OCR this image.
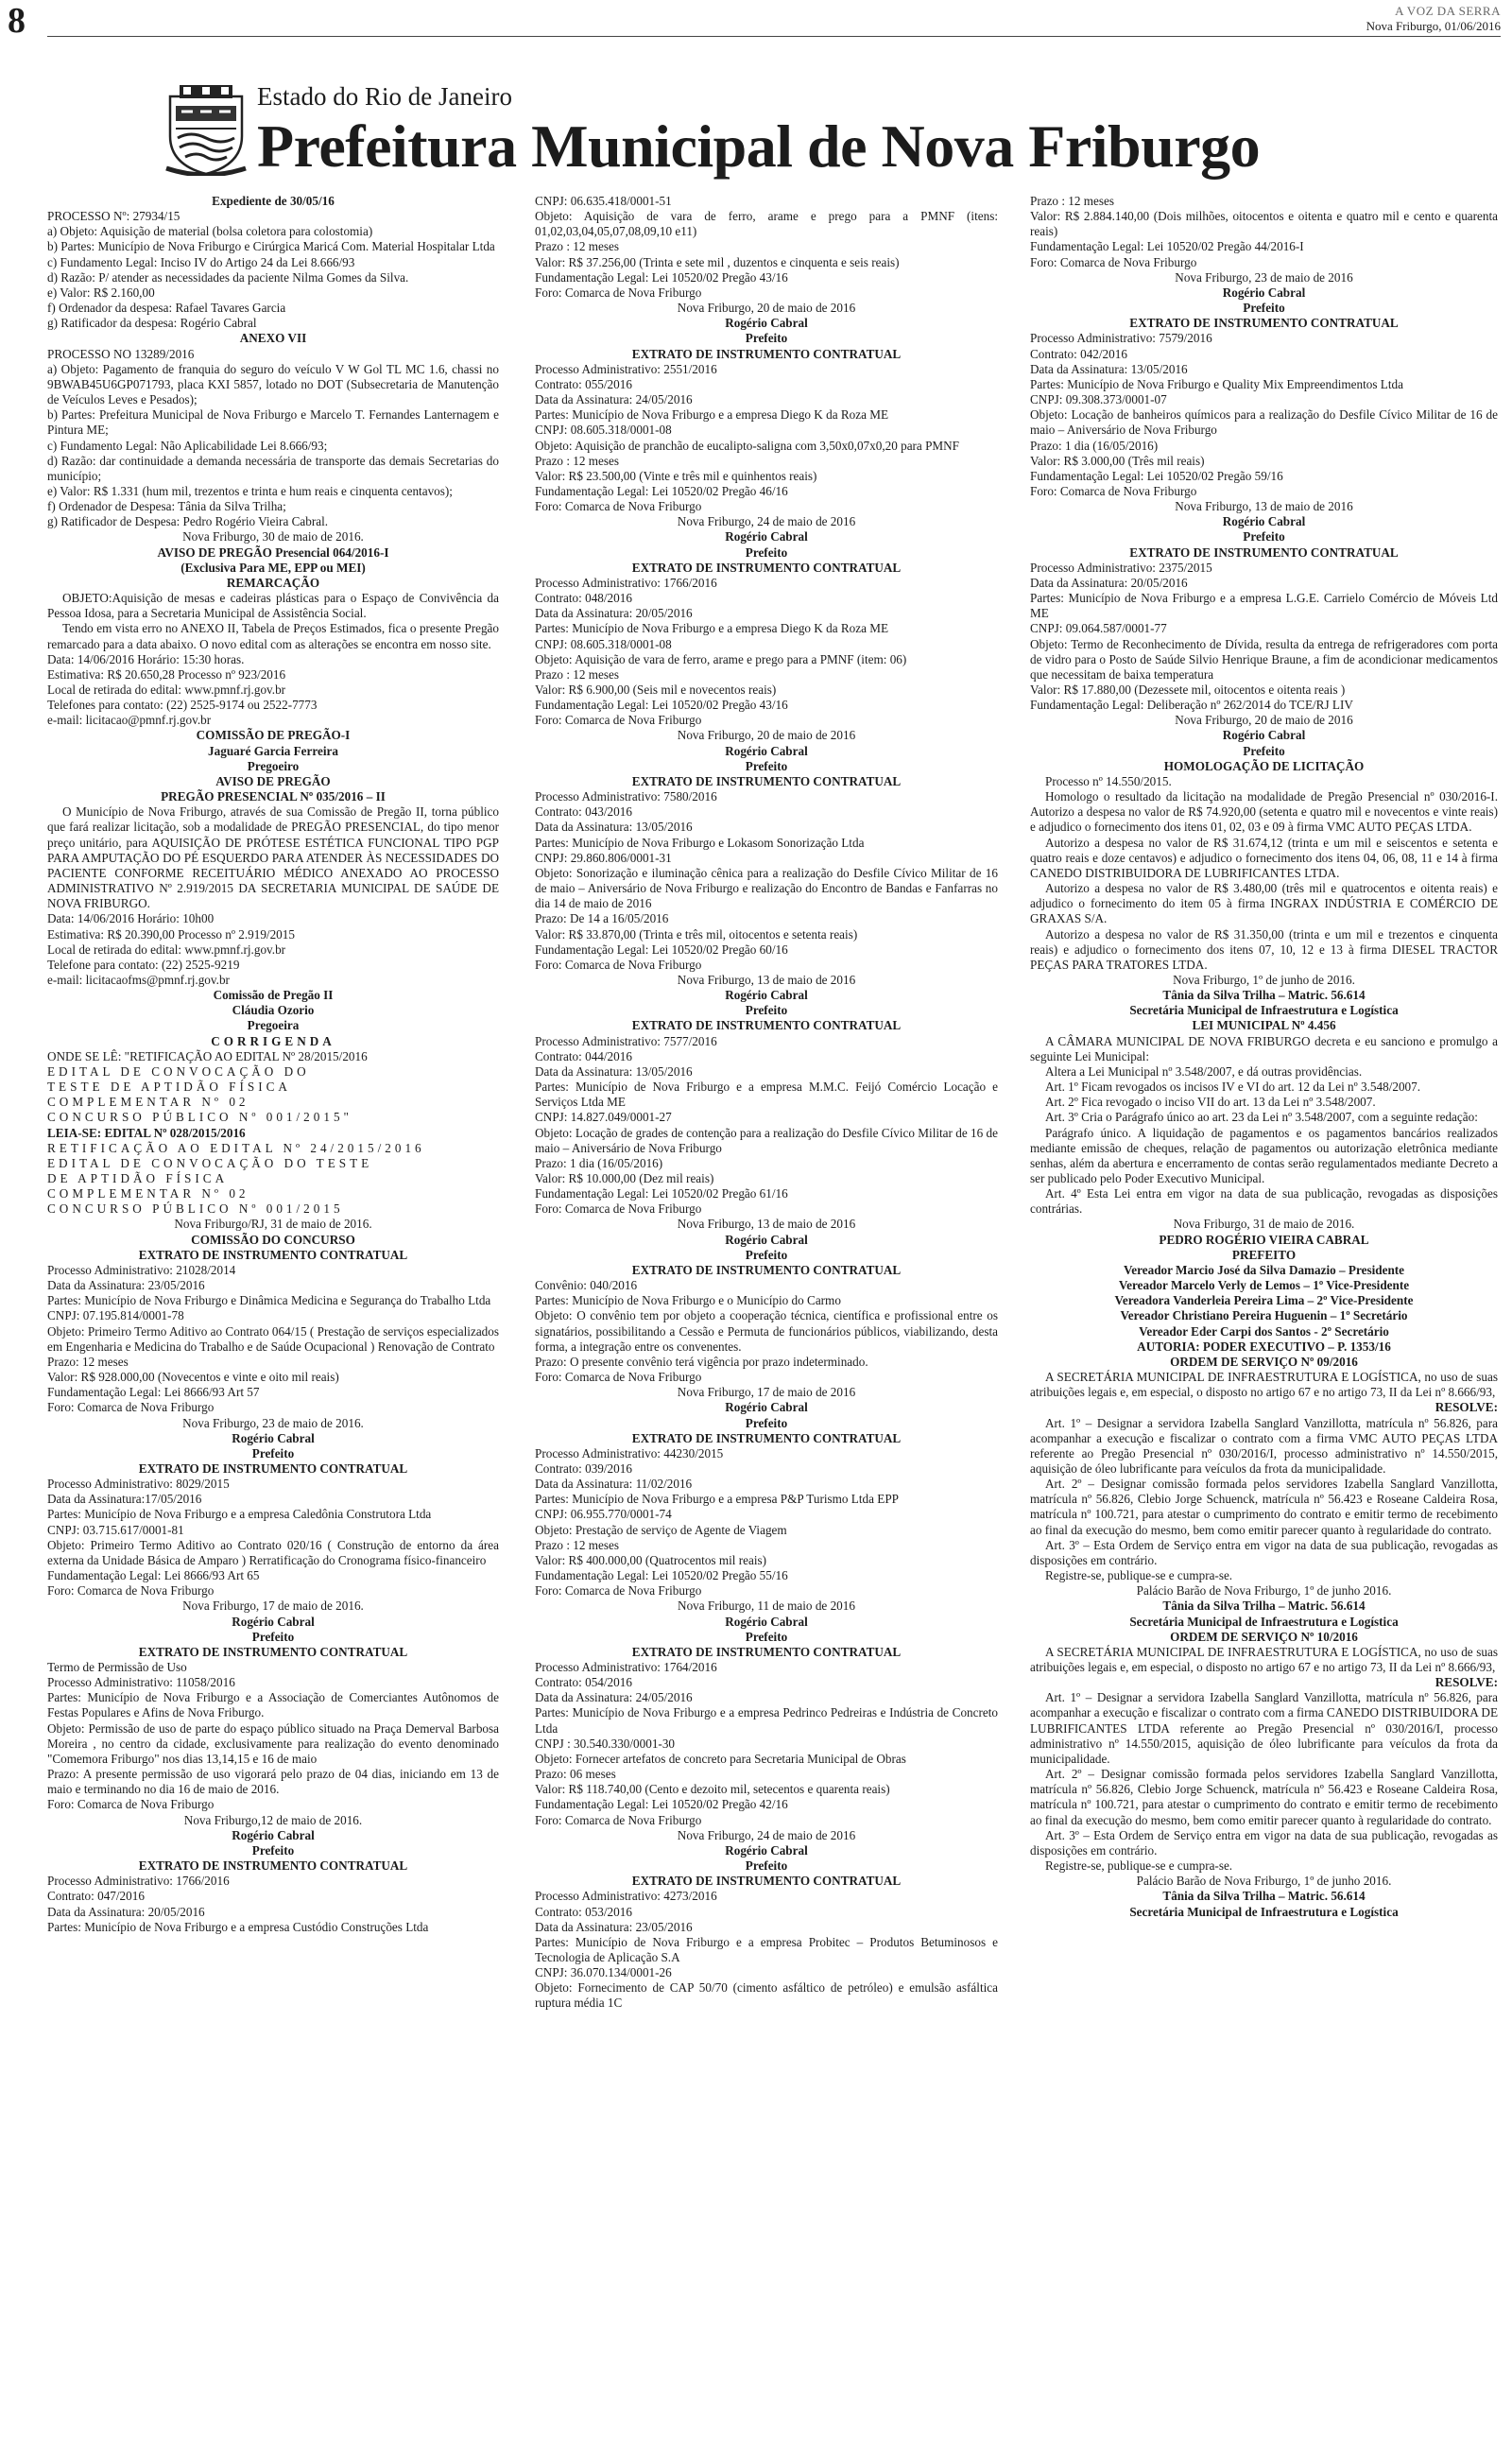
8	A VOZ DA SERRA
Nova Friburgo, 01/06/2016
Estado do Rio de Janeiro
Prefeitura Municipal de Nova Friburgo

Expediente de 30/05/16

PROCESSO Nº: 27934/15

a) Objeto: Aquisição de material (bolsa coletora para colostomia)

b) Partes: Município de Nova Friburgo e Cirúrgica Maricá Com. Material Hospitalar Ltda

c) Fundamento Legal: Inciso IV do Artigo 24 da Lei 8.666/93

d) Razão: P/ atender as necessidades da paciente Nilma Gomes da Silva.

e) Valor: R$ 2.160,00

f) Ordenador da despesa: Rafael Tavares Garcia

g) Ratificador da despesa: Rogério Cabral

ANEXO VII

PROCESSO NO 13289/2016

a) Objeto: Pagamento de franquia do seguro do veículo V W Gol TL MC 1.6, chassi no 9BWAB45U6GP071793, placa KXI 5857, lotado no DOT (Subsecretaria de Manutenção de Veículos Leves e Pesados);

b) Partes: Prefeitura Municipal de Nova Friburgo e Marcelo T. Fernandes Lanternagem e Pintura ME;

c) Fundamento Legal: Não Aplicabilidade Lei 8.666/93;

d) Razão: dar continuidade a demanda necessária de transporte das demais Secretarias do município;

e) Valor: R$ 1.331 (hum mil, trezentos e trinta e hum reais e cinquenta centavos);

f) Ordenador de Despesa: Tânia da Silva Trilha;

g) Ratificador de Despesa: Pedro Rogério Vieira Cabral.

Nova Friburgo, 30 de maio de 2016.

AVISO DE PREGÃO Presencial 064/2016-I

(Exclusiva Para ME, EPP ou MEI)

REMARCAÇÃO

OBJETO:Aquisição de mesas e cadeiras plásticas para o Espaço de Convivência da Pessoa Idosa, para a Secretaria Municipal de Assistência Social.

Tendo em vista erro no ANEXO II, Tabela de Preços Estimados, fica o presente Pregão remarcado para a data abaixo. O novo edital com as alterações se encontra em nosso site.

Data: 14/06/2016 Horário: 15:30 horas.

Estimativa: R$ 20.650,28 Processo nº 923/2016

Local de retirada do edital: www.pmnf.rj.gov.br

Telefones para contato: (22) 2525-9174 ou 2522-7773

e-mail: licitacao@pmnf.rj.gov.br

COMISSÃO DE PREGÃO-I

Jaguaré Garcia Ferreira

Pregoeiro

AVISO DE PREGÃO

PREGÃO PRESENCIAL Nº 035/2016 – II

O Município de Nova Friburgo, através de sua Comissão de Pregão II, torna público que fará realizar licitação, sob a modalidade de PREGÃO PRESENCIAL, do tipo menor preço unitário, para AQUISIÇÃO DE PRÓTESE ESTÉTICA FUNCIONAL TIPO PGP PARA AMPUTAÇÃO DO PÉ ESQUERDO PARA ATENDER ÀS NECESSIDADES DO PACIENTE CONFORME RECEITUÁRIO MÉDICO ANEXADO AO PROCESSO ADMINISTRATIVO Nº 2.919/2015 DA SECRETARIA MUNICIPAL DE SAÚDE DE NOVA FRIBURGO.

Data: 14/06/2016 Horário: 10h00

Estimativa: R$ 20.390,00 Processo nº 2.919/2015

Local de retirada do edital: www.pmnf.rj.gov.br

Telefone para contato: (22) 2525-9219

e-mail: licitacaofms@pmnf.rj.gov.br

Comissão de Pregão II

Cláudia Ozorio

Pregoeira

CORRIGENDA

ONDE SE LÊ: "RETIFICAÇÃO AO EDITAL Nº 28/2015/2016

EDITAL DE CONVOCAÇÃO DO

TESTE DE APTIDÃO FÍSICA

COMPLEMENTAR Nº 02

CONCURSO PÚBLICO Nº 001/2015"

LEIA-SE: EDITAL Nº 028/2015/2016

RETIFICAÇÃO AO EDITAL Nº 24/2015/2016

EDITAL DE CONVOCAÇÃO DO TESTE

DE APTIDÃO FÍSICA

COMPLEMENTAR Nº 02

CONCURSO PÚBLICO Nº 001/2015

Nova Friburgo/RJ, 31 de maio de 2016.

COMISSÃO DO CONCURSO

EXTRATO DE INSTRUMENTO CONTRATUAL

Processo Administrativo: 21028/2014

Data da Assinatura: 23/05/2016

Partes: Município de Nova Friburgo e Dinâmica Medicina e Segurança do Trabalho Ltda

CNPJ: 07.195.814/0001-78

Objeto: Primeiro Termo Aditivo ao Contrato 064/15 ( Prestação de serviços especializados em Engenharia e Medicina do Trabalho e de Saúde Ocupacional ) Renovação de Contrato

Prazo: 12 meses

Valor: R$ 928.000,00 (Novecentos e vinte e oito mil reais)

Fundamentação Legal: Lei 8666/93 Art 57

Foro: Comarca de Nova Friburgo

Nova Friburgo, 23 de maio de 2016.

Rogério Cabral

Prefeito

EXTRATO DE INSTRUMENTO CONTRATUAL

Processo Administrativo: 8029/2015

Data da Assinatura:17/05/2016

Partes: Município de Nova Friburgo e a empresa Caledônia Construtora Ltda

CNPJ: 03.715.617/0001-81

Objeto: Primeiro Termo Aditivo ao Contrato 020/16 ( Construção de entorno da área externa da Unidade Básica de Amparo ) Rerratificação do Cronograma físico-financeiro

Fundamentação Legal: Lei 8666/93 Art 65

Foro: Comarca de Nova Friburgo

Nova Friburgo, 17 de maio de 2016.

Rogério Cabral

Prefeito

EXTRATO DE INSTRUMENTO CONTRATUAL

Termo de Permissão de Uso

Processo Administrativo: 11058/2016

Partes: Município de Nova Friburgo e a Associação de Comerciantes Autônomos de Festas Populares e Afins de Nova Friburgo.

Objeto: Permissão de uso de parte do espaço público situado na Praça Demerval Barbosa Moreira , no centro da cidade, exclusivamente para realização do evento denominado "Comemora Friburgo" nos dias 13,14,15 e 16 de maio

Prazo: A presente permissão de uso vigorará pelo prazo de 04 dias, iniciando em 13 de maio e terminando no dia 16 de maio de 2016.

Foro: Comarca de Nova Friburgo

Nova Friburgo,12 de maio de 2016.

Rogério Cabral

Prefeito

EXTRATO DE INSTRUMENTO CONTRATUAL

Processo Administrativo: 1766/2016

Contrato: 047/2016

Data da Assinatura: 20/05/2016

Partes: Município de Nova Friburgo e a empresa Custódio Construções Ltda

CNPJ: 06.635.418/0001-51

Objeto: Aquisição de vara de ferro, arame e prego para a PMNF (itens: 01,02,03,04,05,07,08,09,10 e11)

Prazo : 12 meses

Valor: R$ 37.256,00 (Trinta e sete mil , duzentos e cinquenta e seis reais)

Fundamentação Legal: Lei 10520/02 Pregão 43/16

Foro: Comarca de Nova Friburgo

Nova Friburgo, 20 de maio de 2016

Rogério Cabral

Prefeito

EXTRATO DE INSTRUMENTO CONTRATUAL

Processo Administrativo: 2551/2016

Contrato: 055/2016

Data da Assinatura: 24/05/2016

Partes: Município de Nova Friburgo e a empresa Diego K da Roza ME

CNPJ: 08.605.318/0001-08

Objeto: Aquisição de pranchão de eucalipto-saligna com 3,50x0,07x0,20 para PMNF

Prazo : 12 meses

Valor: R$ 23.500,00 (Vinte e três mil e quinhentos reais)

Fundamentação Legal: Lei 10520/02 Pregão 46/16

Foro: Comarca de Nova Friburgo

Nova Friburgo, 24 de maio de 2016

Rogério Cabral

Prefeito

EXTRATO DE INSTRUMENTO CONTRATUAL

Processo Administrativo: 1766/2016

Contrato: 048/2016

Data da Assinatura: 20/05/2016

Partes: Município de Nova Friburgo e a empresa Diego K da Roza ME

CNPJ: 08.605.318/0001-08

Objeto: Aquisição de vara de ferro, arame e prego para a PMNF (item: 06)

Prazo : 12 meses

Valor: R$ 6.900,00 (Seis mil e novecentos reais)

Fundamentação Legal: Lei 10520/02 Pregão 43/16

Foro: Comarca de Nova Friburgo

Nova Friburgo, 20 de maio de 2016

Rogério Cabral

Prefeito

EXTRATO DE INSTRUMENTO CONTRATUAL

Processo Administrativo: 7580/2016

Contrato: 043/2016

Data da Assinatura: 13/05/2016

Partes: Município de Nova Friburgo e Lokasom Sonorização Ltda

CNPJ: 29.860.806/0001-31

Objeto: Sonorização e iluminação cênica para a realização do Desfile Cívico Militar de 16 de maio – Aniversário de Nova Friburgo e realização do Encontro de Bandas e Fanfarras no dia 14 de maio de 2016

Prazo: De 14 a 16/05/2016

Valor: R$ 33.870,00 (Trinta e três mil, oitocentos e setenta reais)

Fundamentação Legal: Lei 10520/02 Pregão 60/16

Foro: Comarca de Nova Friburgo

Nova Friburgo, 13 de maio de 2016

Rogério Cabral

Prefeito

EXTRATO DE INSTRUMENTO CONTRATUAL

Processo Administrativo: 7577/2016

Contrato: 044/2016

Data da Assinatura: 13/05/2016

Partes: Município de Nova Friburgo e a empresa M.M.C. Feijó Comércio Locação e Serviços Ltda ME

CNPJ: 14.827.049/0001-27

Objeto: Locação de grades de contenção para a realização do Desfile Cívico Militar de 16 de maio – Aniversário de Nova Friburgo

Prazo: 1 dia (16/05/2016)

Valor: R$ 10.000,00 (Dez mil reais)

Fundamentação Legal: Lei 10520/02 Pregão 61/16

Foro: Comarca de Nova Friburgo

Nova Friburgo, 13 de maio de 2016

Rogério Cabral

Prefeito

EXTRATO DE INSTRUMENTO CONTRATUAL

Convênio: 040/2016

Partes: Município de Nova Friburgo e o Município do Carmo

Objeto: O convênio tem por objeto a cooperação técnica, científica e profissional entre os signatários, possibilitando a Cessão e Permuta de funcionários públicos, viabilizando, desta forma, a integração entre os convenentes.

Prazo: O presente convênio terá vigência por prazo indeterminado.

Foro: Comarca de Nova Friburgo

Nova Friburgo, 17 de maio de 2016

Rogério Cabral

Prefeito

EXTRATO DE INSTRUMENTO CONTRATUAL

Processo Administrativo: 44230/2015

Contrato: 039/2016

Data da Assinatura: 11/02/2016

Partes: Município de Nova Friburgo e a empresa P&P Turismo Ltda EPP

CNPJ: 06.955.770/0001-74

Objeto: Prestação de serviço de Agente de Viagem

Prazo : 12 meses

Valor: R$ 400.000,00 (Quatrocentos mil reais)

Fundamentação Legal: Lei 10520/02 Pregão 55/16

Foro: Comarca de Nova Friburgo

Nova Friburgo, 11 de maio de 2016

Rogério Cabral

Prefeito

EXTRATO DE INSTRUMENTO CONTRATUAL

Processo Administrativo: 1764/2016

Contrato: 054/2016

Data da Assinatura: 24/05/2016

Partes: Município de Nova Friburgo e a empresa Pedrinco Pedreiras e Indústria de Concreto Ltda

CNPJ : 30.540.330/0001-30

Objeto: Fornecer artefatos de concreto para Secretaria Municipal de Obras

Prazo: 06 meses

Valor: R$ 118.740,00 (Cento e dezoito mil, setecentos e quarenta reais)

Fundamentação Legal: Lei 10520/02 Pregão 42/16

Foro: Comarca de Nova Friburgo

Nova Friburgo, 24 de maio de 2016

Rogério Cabral

Prefeito

EXTRATO DE INSTRUMENTO CONTRATUAL

Processo Administrativo: 4273/2016

Contrato: 053/2016

Data da Assinatura: 23/05/2016

Partes: Município de Nova Friburgo e a empresa Probitec – Produtos Betuminosos e Tecnologia de Aplicação S.A

CNPJ: 36.070.134/0001-26

Objeto: Fornecimento de CAP 50/70 (cimento asfáltico de petróleo) e emulsão asfáltica ruptura média 1C

Prazo : 12 meses

Valor: R$ 2.884.140,00 (Dois milhões, oitocentos e oitenta e quatro mil e cento e quarenta reais)

Fundamentação Legal: Lei 10520/02 Pregão 44/2016-I

Foro: Comarca de Nova Friburgo

Nova Friburgo, 23 de maio de 2016

Rogério Cabral

Prefeito

EXTRATO DE INSTRUMENTO CONTRATUAL

Processo Administrativo: 7579/2016

Contrato: 042/2016

Data da Assinatura: 13/05/2016

Partes: Município de Nova Friburgo e Quality Mix Empreendimentos Ltda

CNPJ: 09.308.373/0001-07

Objeto: Locação de banheiros químicos para a realização do Desfile Cívico Militar de 16 de maio – Aniversário de Nova Friburgo

Prazo: 1 dia (16/05/2016)

Valor: R$ 3.000,00 (Três mil reais)

Fundamentação Legal: Lei 10520/02 Pregão 59/16

Foro: Comarca de Nova Friburgo

Nova Friburgo, 13 de maio de 2016

Rogério Cabral

Prefeito

EXTRATO DE INSTRUMENTO CONTRATUAL

Processo Administrativo: 2375/2015

Data da Assinatura: 20/05/2016

Partes: Município de Nova Friburgo e a empresa L.G.E. Carrielo Comércio de Móveis Ltd ME

CNPJ: 09.064.587/0001-77

Objeto: Termo de Reconhecimento de Dívida, resulta da entrega de refrigeradores com porta de vidro para o Posto de Saúde Silvio Henrique Braune, a fim de acondicionar medicamentos que necessitam de baixa temperatura

Valor: R$ 17.880,00 (Dezessete mil, oitocentos e oitenta reais )

Fundamentação Legal: Deliberação nº 262/2014 do TCE/RJ LIV

Nova Friburgo, 20 de maio de 2016

Rogério Cabral

Prefeito

HOMOLOGAÇÃO DE LICITAÇÃO

Processo nº 14.550/2015.

Homologo o resultado da licitação na modalidade de Pregão Presencial nº 030/2016-I. Autorizo a despesa no valor de R$ 74.920,00 (setenta e quatro mil e novecentos e vinte reais) e adjudico o fornecimento dos itens 01, 02, 03 e 09 à firma VMC AUTO PEÇAS LTDA.

Autorizo a despesa no valor de R$ 31.674,12 (trinta e um mil e seiscentos e setenta e quatro reais e doze centavos) e adjudico o fornecimento dos itens 04, 06, 08, 11 e 14 à firma CANEDO DISTRIBUIDORA DE LUBRIFICANTES LTDA.

Autorizo a despesa no valor de R$ 3.480,00 (três mil e quatrocentos e oitenta reais) e adjudico o fornecimento do item 05 à firma INGRAX INDÚSTRIA E COMÉRCIO DE GRAXAS S/A.

Autorizo a despesa no valor de R$ 31.350,00 (trinta e um mil e trezentos e cinquenta reais) e adjudico o fornecimento dos itens 07, 10, 12 e 13 à firma DIESEL TRACTOR PEÇAS PARA TRATORES LTDA.

Nova Friburgo, 1º de junho de 2016.

Tânia da Silva Trilha – Matric. 56.614

Secretária Municipal de Infraestrutura e Logística

LEI MUNICIPAL Nº 4.456

A CÂMARA MUNICIPAL DE NOVA FRIBURGO decreta e eu sanciono e promulgo a seguinte Lei Municipal:

Altera a Lei Municipal nº 3.548/2007, e dá outras providências.

Art. 1º Ficam revogados os incisos IV e VI do art. 12 da Lei nº 3.548/2007.

Art. 2º Fica revogado o inciso VII do art. 13 da Lei nº 3.548/2007.

Art. 3º Cria o Parágrafo único ao art. 23 da Lei nº 3.548/2007, com a seguinte redação:

Parágrafo único. A liquidação de pagamentos e os pagamentos bancários realizados mediante emissão de cheques, relação de pagamentos ou autorização eletrônica mediante senhas, além da abertura e encerramento de contas serão regulamentados mediante Decreto a ser publicado pelo Poder Executivo Municipal.

Art. 4º Esta Lei entra em vigor na data de sua publicação, revogadas as disposições contrárias.

Nova Friburgo, 31 de maio de 2016.

PEDRO ROGÉRIO VIEIRA CABRAL

PREFEITO

Vereador Marcio José da Silva Damazio – Presidente

Vereador Marcelo Verly de Lemos – 1º Vice-Presidente

Vereadora Vanderleia Pereira Lima – 2º Vice-Presidente

Vereador Christiano Pereira Huguenin – 1º Secretário

Vereador Eder Carpi dos Santos - 2º Secretário

AUTORIA: PODER EXECUTIVO – P. 1353/16

ORDEM DE SERVIÇO Nº 09/2016

A SECRETÁRIA MUNICIPAL DE INFRAESTRUTURA E LOGÍSTICA, no uso de suas atribuições legais e, em especial, o disposto no artigo 67 e no artigo 73, II da Lei nº 8.666/93,

RESOLVE:

Art. 1º – Designar a servidora Izabella Sanglard Vanzillotta, matrícula nº 56.826, para acompanhar a execução e fiscalizar o contrato com a firma VMC AUTO PEÇAS LTDA referente ao Pregão Presencial nº 030/2016/I, processo administrativo nº 14.550/2015, aquisição de óleo lubrificante para veículos da frota da municipalidade.

Art. 2º – Designar comissão formada pelos servidores Izabella Sanglard Vanzillotta, matrícula nº 56.826, Clebio Jorge Schuenck, matrícula nº 56.423 e Roseane Caldeira Rosa, matrícula nº 100.721, para atestar o cumprimento do contrato e emitir termo de recebimento ao final da execução do mesmo, bem como emitir parecer quanto à regularidade do contrato.

Art. 3º – Esta Ordem de Serviço entra em vigor na data de sua publicação, revogadas as disposições em contrário.

Registre-se, publique-se e cumpra-se.

Palácio Barão de Nova Friburgo, 1º de junho 2016.

Tânia da Silva Trilha – Matric. 56.614

Secretária Municipal de Infraestrutura e Logística

ORDEM DE SERVIÇO Nº 10/2016

A SECRETÁRIA MUNICIPAL DE INFRAESTRUTURA E LOGÍSTICA, no uso de suas atribuições legais e, em especial, o disposto no artigo 67 e no artigo 73, II da Lei nº 8.666/93,

RESOLVE:

Art. 1º – Designar a servidora Izabella Sanglard Vanzillotta, matrícula nº 56.826, para acompanhar a execução e fiscalizar o contrato com a firma CANEDO DISTRIBUIDORA DE LUBRIFICANTES LTDA referente ao Pregão Presencial nº 030/2016/I, processo administrativo nº 14.550/2015, aquisição de óleo lubrificante para veículos da frota da municipalidade.

Art. 2º – Designar comissão formada pelos servidores Izabella Sanglard Vanzillotta, matrícula nº 56.826, Clebio Jorge Schuenck, matrícula nº 56.423 e Roseane Caldeira Rosa, matrícula nº 100.721, para atestar o cumprimento do contrato e emitir termo de recebimento ao final da execução do mesmo, bem como emitir parecer quanto à regularidade do contrato.

Art. 3º – Esta Ordem de Serviço entra em vigor na data de sua publicação, revogadas as disposições em contrário.

Registre-se, publique-se e cumpra-se.

Palácio Barão de Nova Friburgo, 1º de junho 2016.

Tânia da Silva Trilha – Matric. 56.614

Secretária Municipal de Infraestrutura e Logística
